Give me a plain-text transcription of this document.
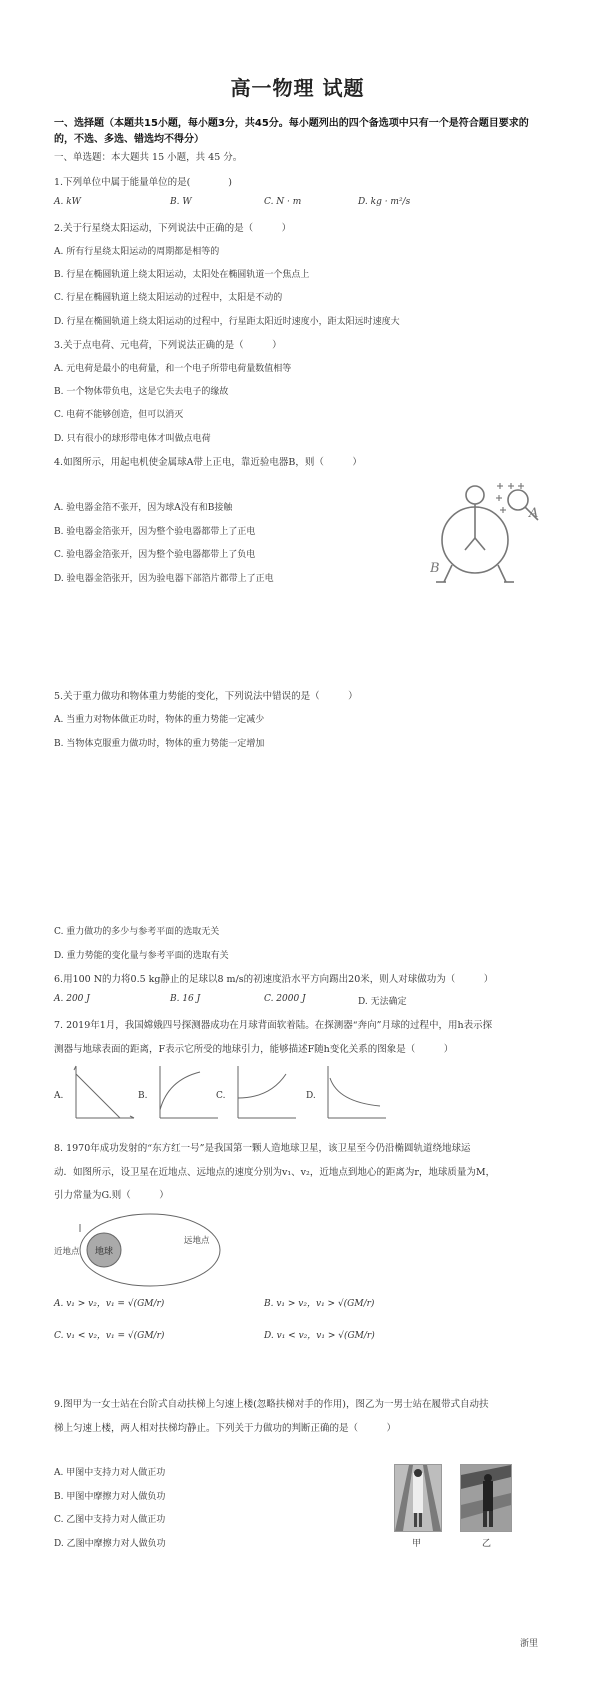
高一物理 试题
一、选择题（本题共15小题，每小题3分，共45分。每小题列出的四个备选项中只有一个是符合题目要求的
的，不选、多选、错选均不得分）
一、单选题：本大题共 15 小题，共 45 分。
1.下列单位中属于能量单位的是(　　　　)
A. kW	B. W	C. N · m	D. kg · m²/s
2.关于行星绕太阳运动，下列说法中正确的是（　　　）
A. 所有行星绕太阳运动的周期都是相等的
B. 行星在椭圆轨道上绕太阳运动，太阳处在椭圆轨道一个焦点上
C. 行星在椭圆轨道上绕太阳运动的过程中，太阳是不动的
D. 行星在椭圆轨道上绕太阳运动的过程中，行星距太阳近时速度小，距太阳远时速度大
3.关于点电荷、元电荷，下列说法正确的是（　　　）
A. 元电荷是最小的电荷量，和一个电子所带电荷量数值相等
B. 一个物体带负电，这是它失去电子的缘故
C. 电荷不能够创造，但可以消灭
D. 只有很小的球形带电体才叫做点电荷
4.如图所示，用起电机使金属球A带上正电，靠近验电器B，则（　　　）
A. 验电器金箔不张开，因为球A没有和B接触
B. 验电器金箔张开，因为整个验电器都带上了正电
C. 验电器金箔张开，因为整个验电器都带上了负电
D. 验电器金箔张开，因为验电器下部箔片都带上了正电
A
B
5.关于重力做功和物体重力势能的变化，下列说法中错误的是（　　　）
A. 当重力对物体做正功时，物体的重力势能一定减少
B. 当物体克服重力做功时，物体的重力势能一定增加
C. 重力做功的多少与参考平面的选取无关
D. 重力势能的变化量与参考平面的选取有关
6.用100 N的力将0.5 kg静止的足球以8 m/s的初速度沿水平方向踢出20米，则人对球做功为（　　　）
A. 200 J	B. 16 J	C. 2000 J	D. 无法确定
7. 2019年1月，我国嫦娥四号探测器成功在月球背面软着陆。在探测器“奔向”月球的过程中，用h表示探
测器与地球表面的距离，F表示它所受的地球引力，能够描述F随h变化关系的图象是（　　　）
A.	B.	C.	D.
8. 1970年成功发射的“东方红一号”是我国第一颗人造地球卫星，该卫星至今仍沿椭圆轨道绕地球运
动．如图所示，设卫星在近地点、远地点的速度分别为v₁、v₂，近地点到地心的距离为r，地球质量为M，
引力常量为G.则（　　　）
地球
近地点
远地点
A. v₁ > v₂，v₁ = √(GM/r)	B. v₁ > v₂，v₁ > √(GM/r)
C. v₁ < v₂，v₁ = √(GM/r)	D. v₁ < v₂，v₁ > √(GM/r)
9.图甲为一女士站在台阶式自动扶梯上匀速上楼(忽略扶梯对手的作用)，图乙为一男士站在履带式自动扶
梯上匀速上楼，两人相对扶梯均静止。下列关于力做功的判断正确的是（　　　）
A. 甲图中支持力对人做正功
B. 甲图中摩擦力对人做负功
C. 乙图中支持力对人做正功
D. 乙图中摩擦力对人做负功	甲	乙
浙里
